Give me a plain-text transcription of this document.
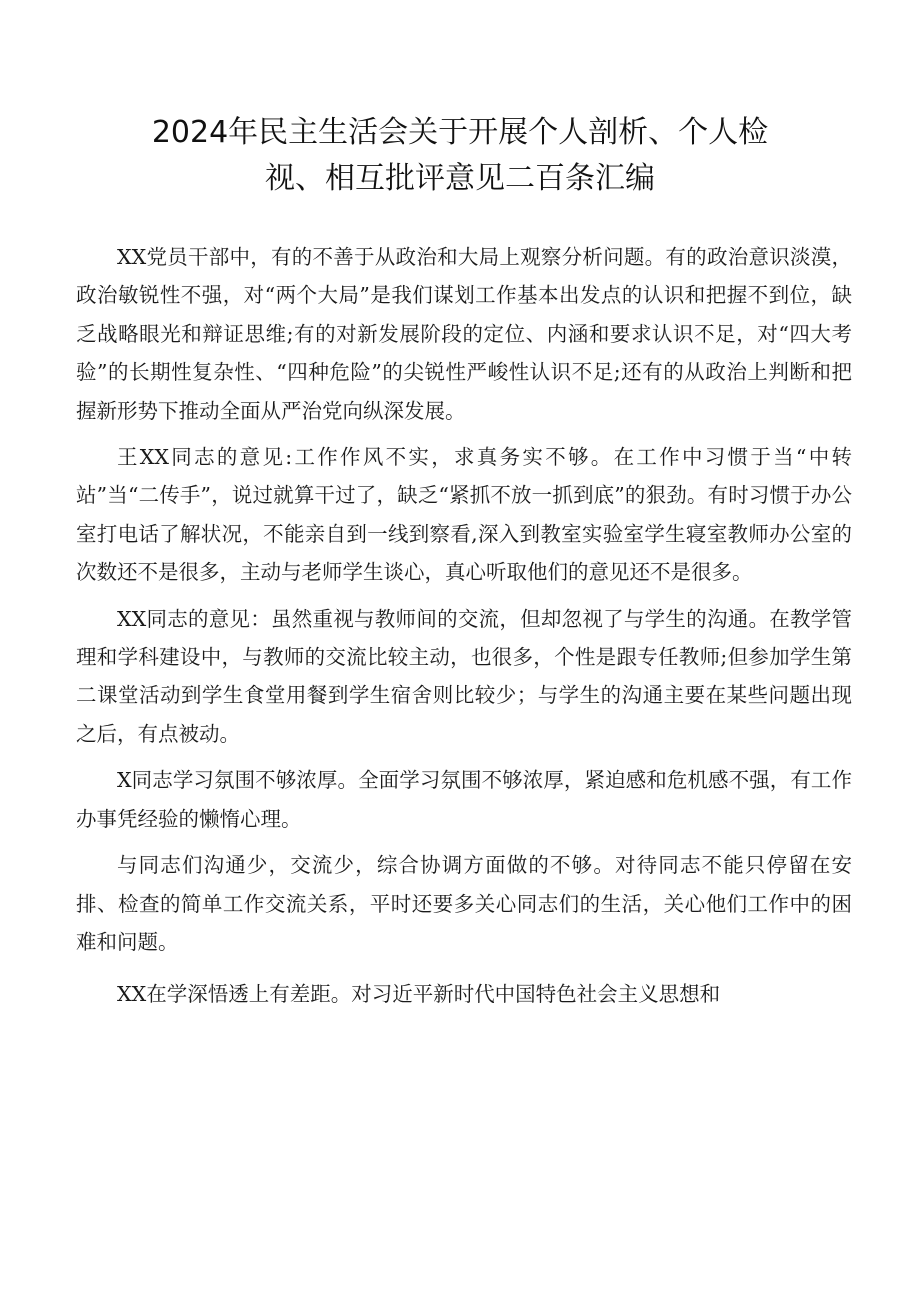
2024年民主生活会关于开展个人剖析、个人检
视、相互批评意见二百条汇编

XX党员干部中，有的不善于从政治和大局上观察分析问题。有的政治意识淡漠，政治敏锐性不强，对“两个大局”是我们谋划工作基本出发点的认识和把握不到位，缺乏战略眼光和辩证思维;有的对新发展阶段的定位、内涵和要求认识不足，对“四大考验”的长期性复杂性、“四种危险”的尖锐性严峻性认识不足;还有的从政治上判断和把握新形势下推动全面从严治党向纵深发展。

王XX同志的意见:工作作风不实，求真务实不够。在工作中习惯于当“中转站”当“二传手”，说过就算干过了，缺乏“紧抓不放一抓到底”的狠劲。有时习惯于办公室打电话了解状况，不能亲自到一线到察看,深入到教室实验室学生寝室教师办公室的次数还不是很多，主动与老师学生谈心，真心听取他们的意见还不是很多。

XX同志的意见：虽然重视与教师间的交流，但却忽视了与学生的沟通。在教学管理和学科建设中，与教师的交流比较主动，也很多，个性是跟专任教师;但参加学生第二课堂活动到学生食堂用餐到学生宿舍则比较少；与学生的沟通主要在某些问题出现之后，有点被动。

X同志学习氛围不够浓厚。全面学习氛围不够浓厚，紧迫感和危机感不强，有工作办事凭经验的懒惰心理。

与同志们沟通少，交流少，综合协调方面做的不够。对待同志不能只停留在安排、检查的简单工作交流关系，平时还要多关心同志们的生活，关心他们工作中的困难和问题。

XX在学深悟透上有差距。对习近平新时代中国特色社会主义思想和
